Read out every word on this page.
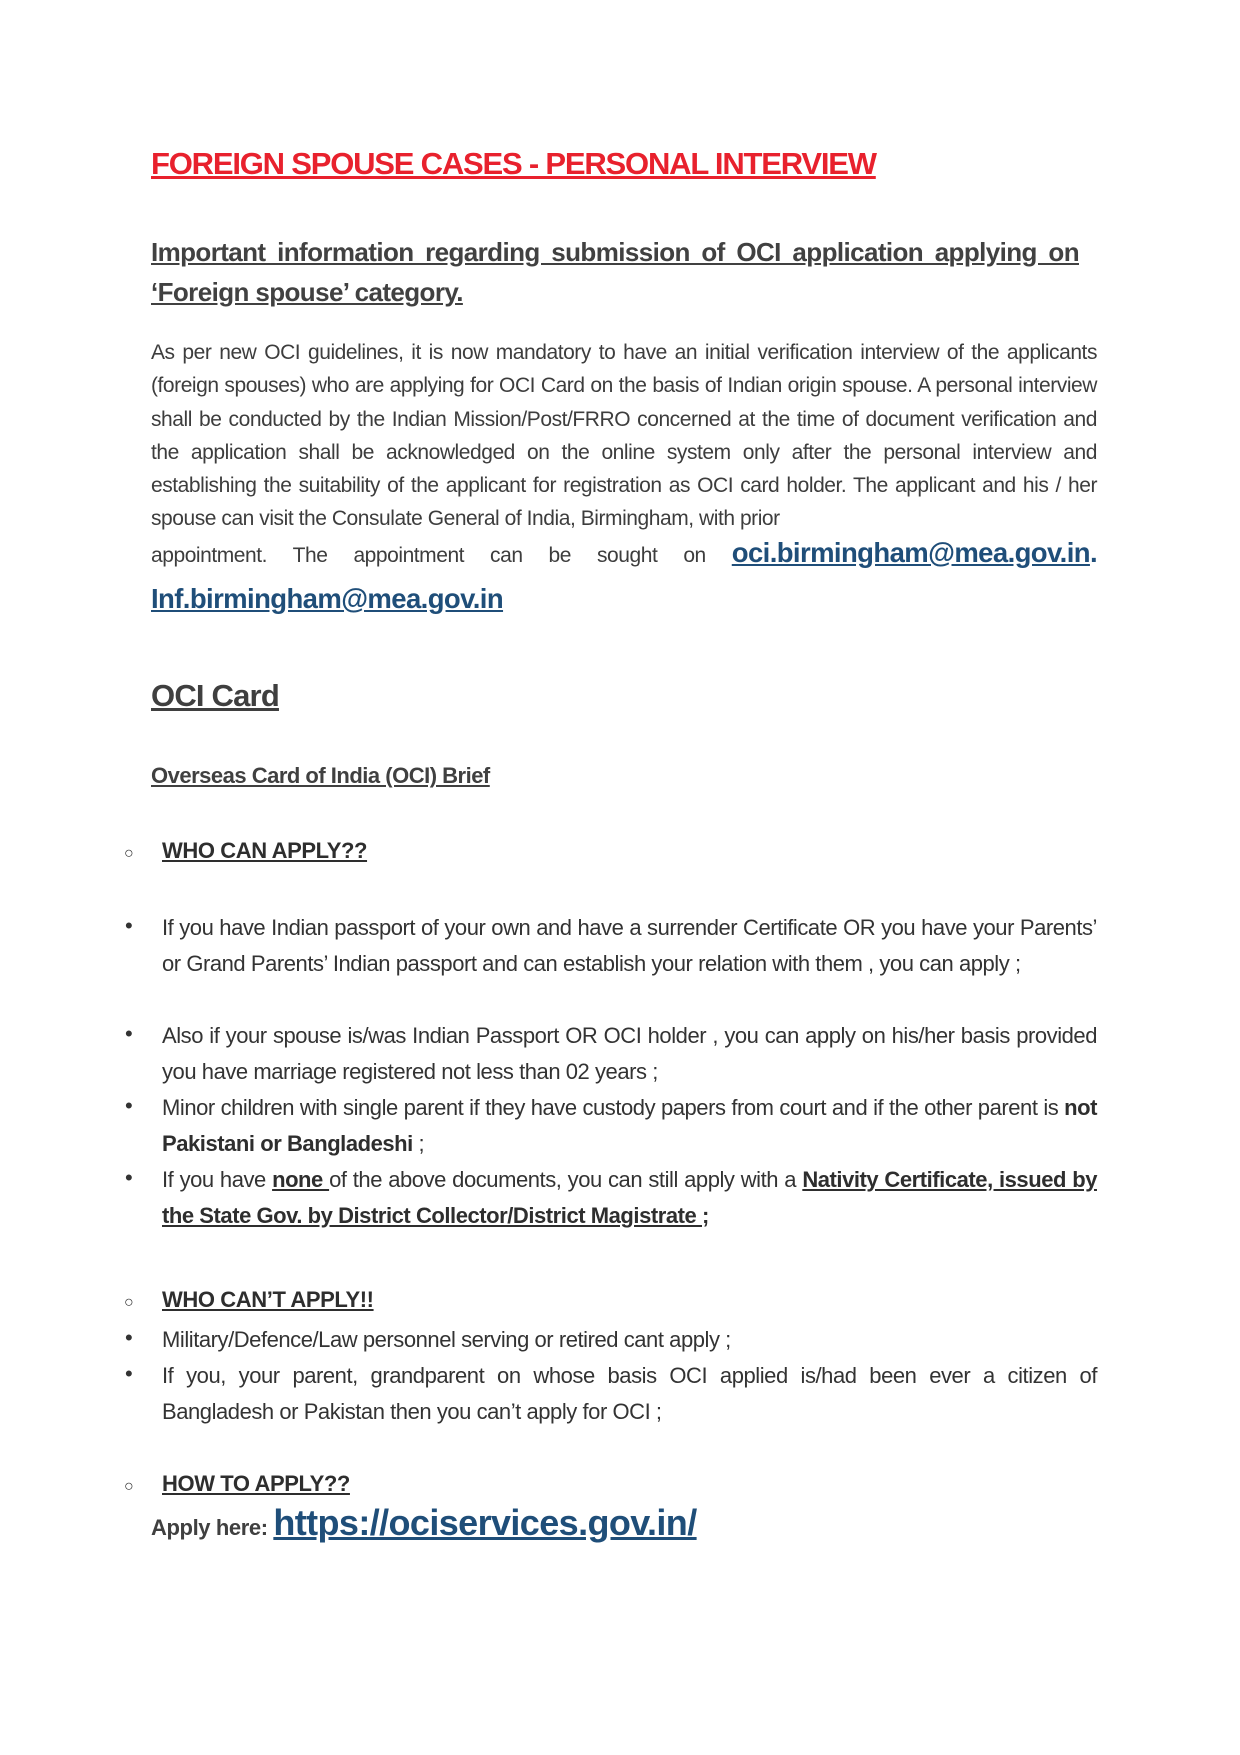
FOREIGN SPOUSE CASES - PERSONAL INTERVIEW
Important information regarding submission of OCI application applying on ‘Foreign spouse’ category.
As per new OCI guidelines, it is now mandatory to have an initial verification interview of the applicants (foreign spouses) who are applying for OCI Card on the basis of Indian origin spouse. A personal interview shall be conducted by the Indian Mission/Post/FRRO concerned at the time of document verification and the application shall be acknowledged on the online system only after the personal interview and establishing the suitability of the applicant for registration as OCI card holder. The applicant and his / her spouse can visit the Consulate General of India, Birmingham, with prior
appointment. The appointment can be sought on oci.birmingham@mea.gov.in.
Inf.birmingham@mea.gov.in
OCI Card
Overseas Card of India (OCI) Brief
○ WHO CAN APPLY??
• If you have Indian passport of your own and have a surrender Certificate OR you have your Parents’ or Grand Parents’ Indian passport and can establish your relation with them , you can apply ;
• Also if your spouse is/was Indian Passport OR OCI holder , you can apply on his/her basis provided you have marriage registered not less than 02 years ;
• Minor children with single parent if they have custody papers from court and if the other parent is not Pakistani or Bangladeshi ;
• If you have none of the above documents, you can still apply with a Nativity Certificate, issued by the State Gov. by District Collector/District Magistrate ;
○ WHO CAN’T APPLY!!
• Military/Defence/Law personnel serving or retired cant apply ;
• If you, your parent, grandparent on whose basis OCI applied is/had been ever a citizen of Bangladesh or Pakistan then you can’t apply for OCI ;
○ HOW TO APPLY??
Apply here: https://ociservices.gov.in/
